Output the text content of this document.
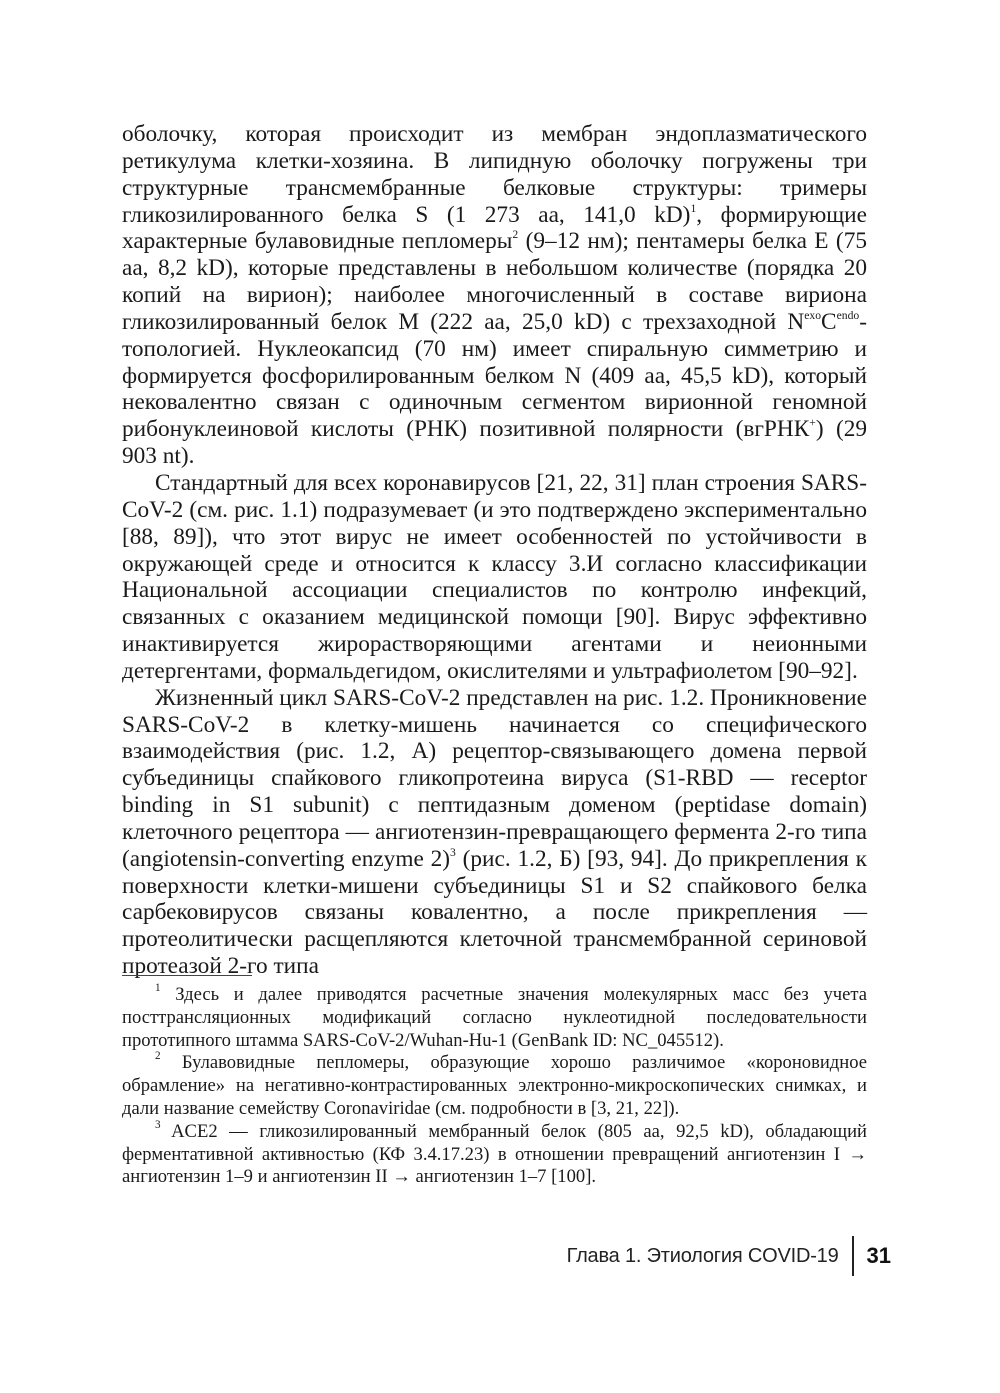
оболочку, которая происходит из мембран эндоплазматического ретикулума клетки-хозяина. В липидную оболочку погружены три структурные трансмембранные белковые структуры: тримеры гликозилированного белка S (1 273 aa, 141,0 kD)$^1$, формирующие характерные булавовидные пепломеры$^2$ (9–12 нм); пентамеры белка E (75 aa, 8,2 kD), которые представлены в небольшом количестве (порядка 20 копий на вирион); наиболее многочисленный в составе вириона гликозилированный белок M (222 aa, 25,0 kD) с трехзаходной $N^{exo}C^{endo}$-топологией. Нуклеокапсид (70 нм) имеет спиральную симметрию и формируется фосфорилированным белком N (409 aa, 45,5 kD), который нековалентно связан с одиночным сегментом вирионной геномной рибонуклеиновой кислоты (РНК) позитивной полярности (вгРНК+) (29 903 nt).

Стандартный для всех коронавирусов [21, 22, 31] план строения SARS-CoV-2 (см. рис. 1.1) подразумевает (и это подтверждено экспериментально [88, 89]), что этот вирус не имеет особенностей по устойчивости в окружающей среде и относится к классу 3.И согласно классификации Национальной ассоциации специалистов по контролю инфекций, связанных с оказанием медицинской помощи [90]. Вирус эффективно инактивируется жирорастворяющими агентами и неионными детергентами, формальдегидом, окислителями и ультрафиолетом [90–92].

Жизненный цикл SARS-CoV-2 представлен на рис. 1.2. Проникновение SARS-CoV-2 в клетку-мишень начинается со специфического взаимодействия (рис. 1.2, А) рецептор-связывающего домена первой субъединицы спайкового гликопротеина вируса (S1-RBD — receptor binding in S1 subunit) с пептидазным доменом (peptidase domain) клеточного рецептора — ангиотензин-превращающего фермента 2-го типа (angiotensin-converting enzyme 2)$^3$ (рис. 1.2, Б) [93, 94]. До прикрепления к поверхности клетки-мишени субъединицы S1 и S2 спайкового белка сарбековирусов связаны ковалентно, а после прикрепления — протеолитически расщепляются клеточной трансмембранной сериновой протеазой 2-го типа

$^1$ Здесь и далее приводятся расчетные значения молекулярных масс без учета посттрансляционных модификаций согласно нуклеотидной последовательности прототипного штамма SARS-CoV-2/Wuhan-Hu-1 (GenBank ID: NC_045512).

$^2$ Булавовидные пепломеры, образующие хорошо различимое «короновидное обрамление» на негативно-контрастированных электронно-микроскопических снимках, и дали название семейству Coronaviridae (см. подробности в [3, 21, 22]).

$^3$ ACE2 — гликозилированный мембранный белок (805 aa, 92,5 kD), обладающий ферментативной активностью (КФ 3.4.17.23) в отношении превращений ангиотензин I → ангиотензин 1–9 и ангиотензин II → ангиотензин 1–7 [100].

Глава 1. Этиология COVID-19	31
